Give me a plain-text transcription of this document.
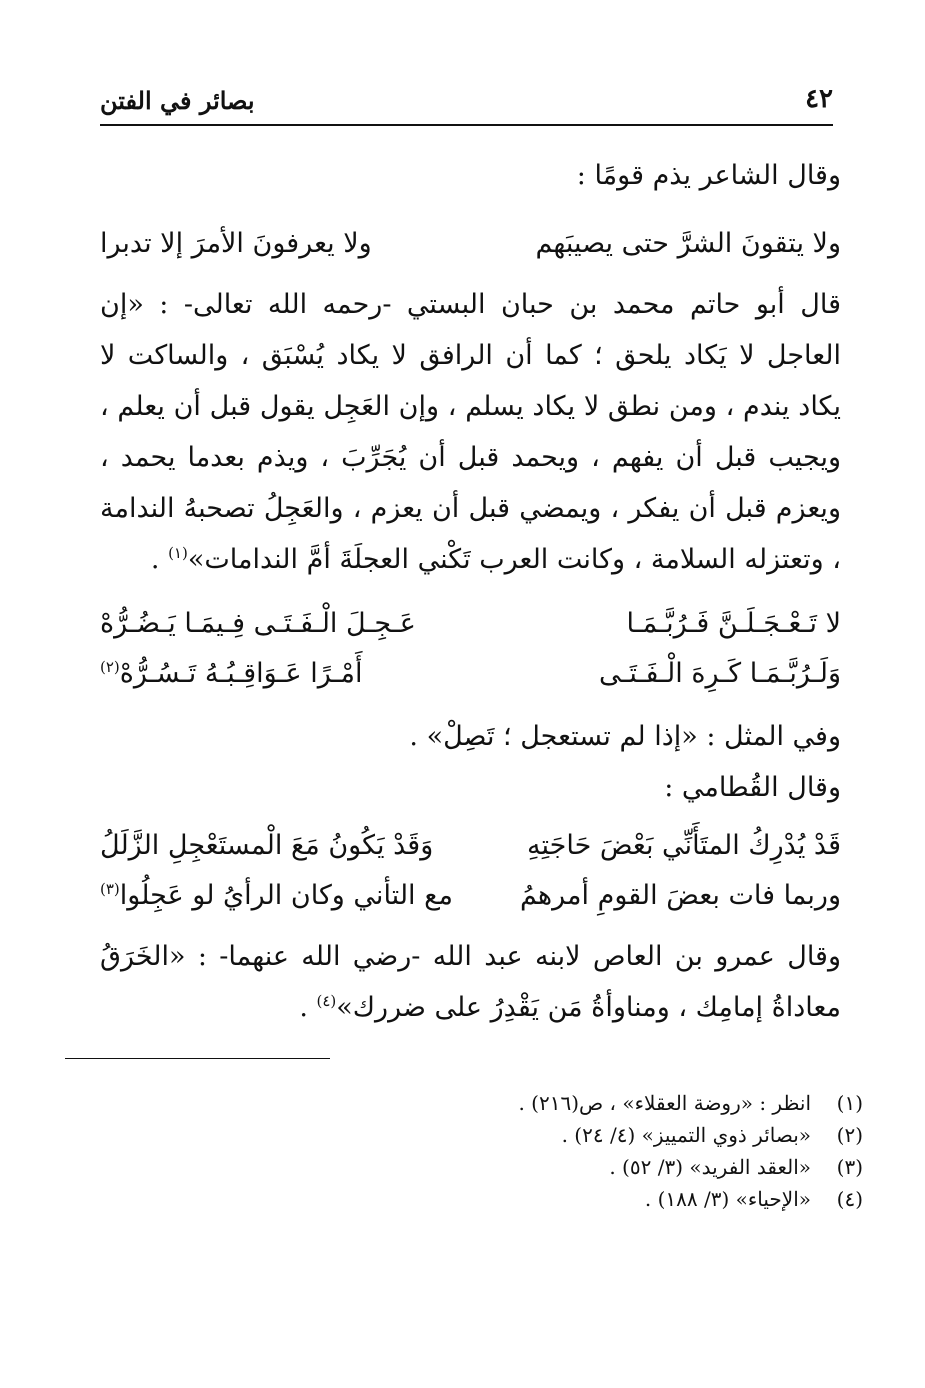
٤٢
بصائر في الفتن

وقال الشاعر يذم قومًا :

ولا يتقونَ الشرَّ حتى يصيبَهم
ولا يعرفونَ الأمرَ إلا تدبرا

قال أبو حاتم محمد بن حبان البستي -رحمه الله تعالى- : «إن العاجل لا يَكاد يلحق ؛ كما أن الرافق لا يكاد يُسْبَق ، والساكت لا يكاد يندم ، ومن نطق لا يكاد يسلم ، وإن العَجِل يقول قبل أن يعلم ، ويجيب قبل أن يفهم ، ويحمد قبل أن يُجَرِّبَ ، ويذم بعدما يحمد ، ويعزم قبل أن يفكر ، ويمضي قبل أن يعزم ، والعَجِلُ تصحبهُ الندامة ، وتعتزله السلامة ، وكانت العرب تَكْني العجلَةَ أمَّ الندامات»$^{(١)}$ .

لا تَـعْـجَـلَـنَّ فَـرُبَّـمَـا
عَـجِـلَ الْـفَـتَـى فِـيمَـا يَـضُـرُّهْ

وَلَـرُبَّـمَـا كَـرِهَ الْـفَـتَـى
أَمْـرًا عَـوَاقِـبُـهُ تَـسُـرُّهْ$^{(٢)}$

وفي المثل : «إذا لم تستعجل ؛ تَصِلْ» .

وقال القُطامي :

قَدْ يُدْرِكُ المتَأَنِّي بَعْضَ حَاجَتِهِ
وَقَدْ يَكُونُ مَعَ الْمستَعْجِلِ الزَّلَلُ

وربما فات بعضَ القومِ أمرهمُ
مع التأني وكان الرأيُ لو عَجِلُوا$^{(٣)}$

وقال عمرو بن العاص لابنه عبد الله -رضي الله عنهما- : «الخَرَقُ معاداةُ إمامِك ، ومناوأةُ مَن يَقْدِرُ على ضررك»$^{(٤)}$ .

(١)انظر : «روضة العقلاء» ، ص(٢١٦) .

(٢)«بصائر ذوي التمييز» (٤/ ٢٤) .

(٣)«العقد الفريد» (٣/ ٥٢) .

(٤)«الإحياء» (٣/ ١٨٨) .
